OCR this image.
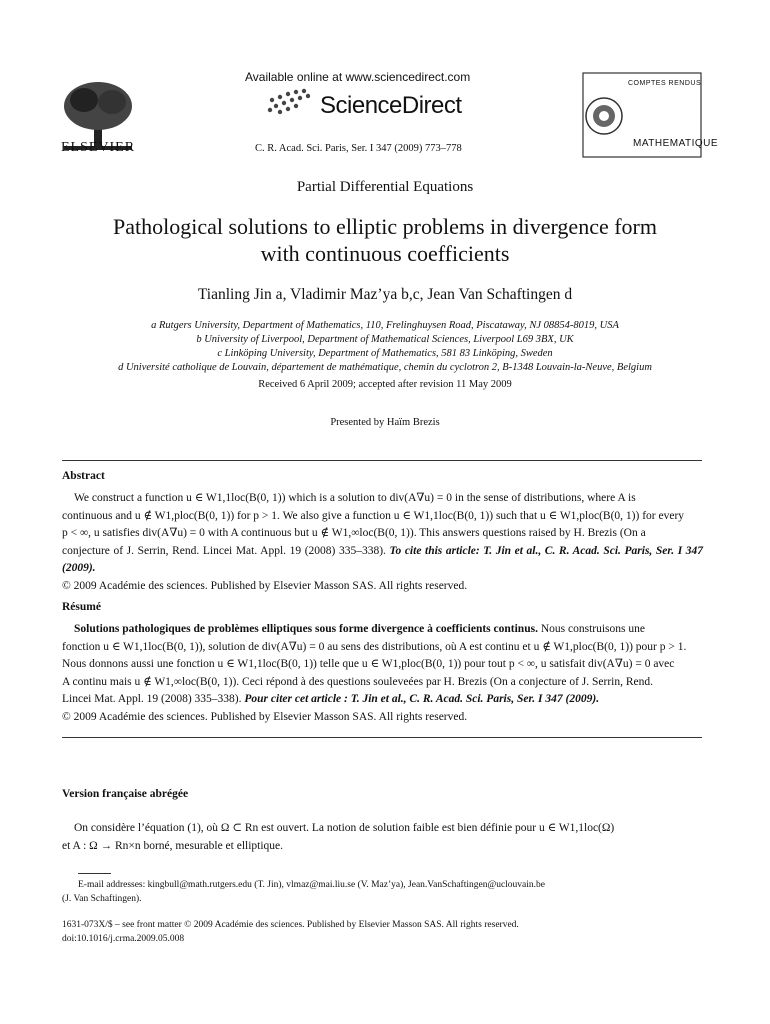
ELSEVIER
Available online at www.sciencedirect.com
ScienceDirect
C. R. Acad. Sci. Paris, Ser. I 347 (2009) 773–778
COMPTES RENDUS
MATHEMATIQUE
Partial Differential Equations
Pathological solutions to elliptic problems in divergence form
with continuous coefficients
Tianling Jin a, Vladimir Maz’ya b,c, Jean Van Schaftingen d
a Rutgers University, Department of Mathematics, 110, Frelinghuysen Road, Piscataway, NJ 08854-8019, USA
b University of Liverpool, Department of Mathematical Sciences, Liverpool L69 3BX, UK
c Linköping University, Department of Mathematics, 581 83 Linköping, Sweden
d Université catholique de Louvain, département de mathématique, chemin du cyclotron 2, B-1348 Louvain-la-Neuve, Belgium
Received 6 April 2009; accepted after revision 11 May 2009
Presented by Haïm Brezis
Abstract

We construct a function u ∈ W1,1loc(B(0, 1)) which is a solution to div(A∇u) = 0 in the sense of distributions, where A is

continuous and u ∉ W1,ploc(B(0, 1)) for p > 1. We also give a function u ∈ W1,1loc(B(0, 1)) such that u ∈ W1,ploc(B(0, 1)) for every

p < ∞, u satisfies div(A∇u) = 0 with A continuous but u ∉ W1,∞loc(B(0, 1)). This answers questions raised by H. Brezis (On a

conjecture of J. Serrin, Rend. Lincei Mat. Appl. 19 (2008) 335–338). To cite this article: T. Jin et al., C. R. Acad. Sci. Paris, Ser. I 347 (2009).

© 2009 Académie des sciences. Published by Elsevier Masson SAS. All rights reserved.

Résumé

Solutions pathologiques de problèmes elliptiques sous forme divergence à coefficients continus. Nous construisons une

fonction u ∈ W1,1loc(B(0, 1)), solution de div(A∇u) = 0 au sens des distributions, où A est continu et u ∉ W1,ploc(B(0, 1)) pour p > 1.

Nous donnons aussi une fonction u ∈ W1,1loc(B(0, 1)) telle que u ∈ W1,ploc(B(0, 1)) pour tout p < ∞, u satisfait div(A∇u) = 0 avec

A continu mais u ∉ W1,∞loc(B(0, 1)). Ceci répond à des questions souleveées par H. Brezis (On a conjecture of J. Serrin, Rend.

Lincei Mat. Appl. 19 (2008) 335–338). Pour citer cet article : T. Jin et al., C. R. Acad. Sci. Paris, Ser. I 347 (2009).

© 2009 Académie des sciences. Published by Elsevier Masson SAS. All rights reserved.

Version française abrégée

On considère l’équation (1), où Ω ⊂ Rn est ouvert. La notion de solution faible est bien définie pour u ∈ W1,1loc(Ω)

et A : Ω → Rn×n borné, mesurable et elliptique.

E-mail addresses: kingbull@math.rutgers.edu (T. Jin), vlmaz@mai.liu.se (V. Maz’ya), Jean.VanSchaftingen@uclouvain.be
(J. Van Schaftingen).
1631-073X/$ – see front matter © 2009 Académie des sciences. Published by Elsevier Masson SAS. All rights reserved.
doi:10.1016/j.crma.2009.05.008
